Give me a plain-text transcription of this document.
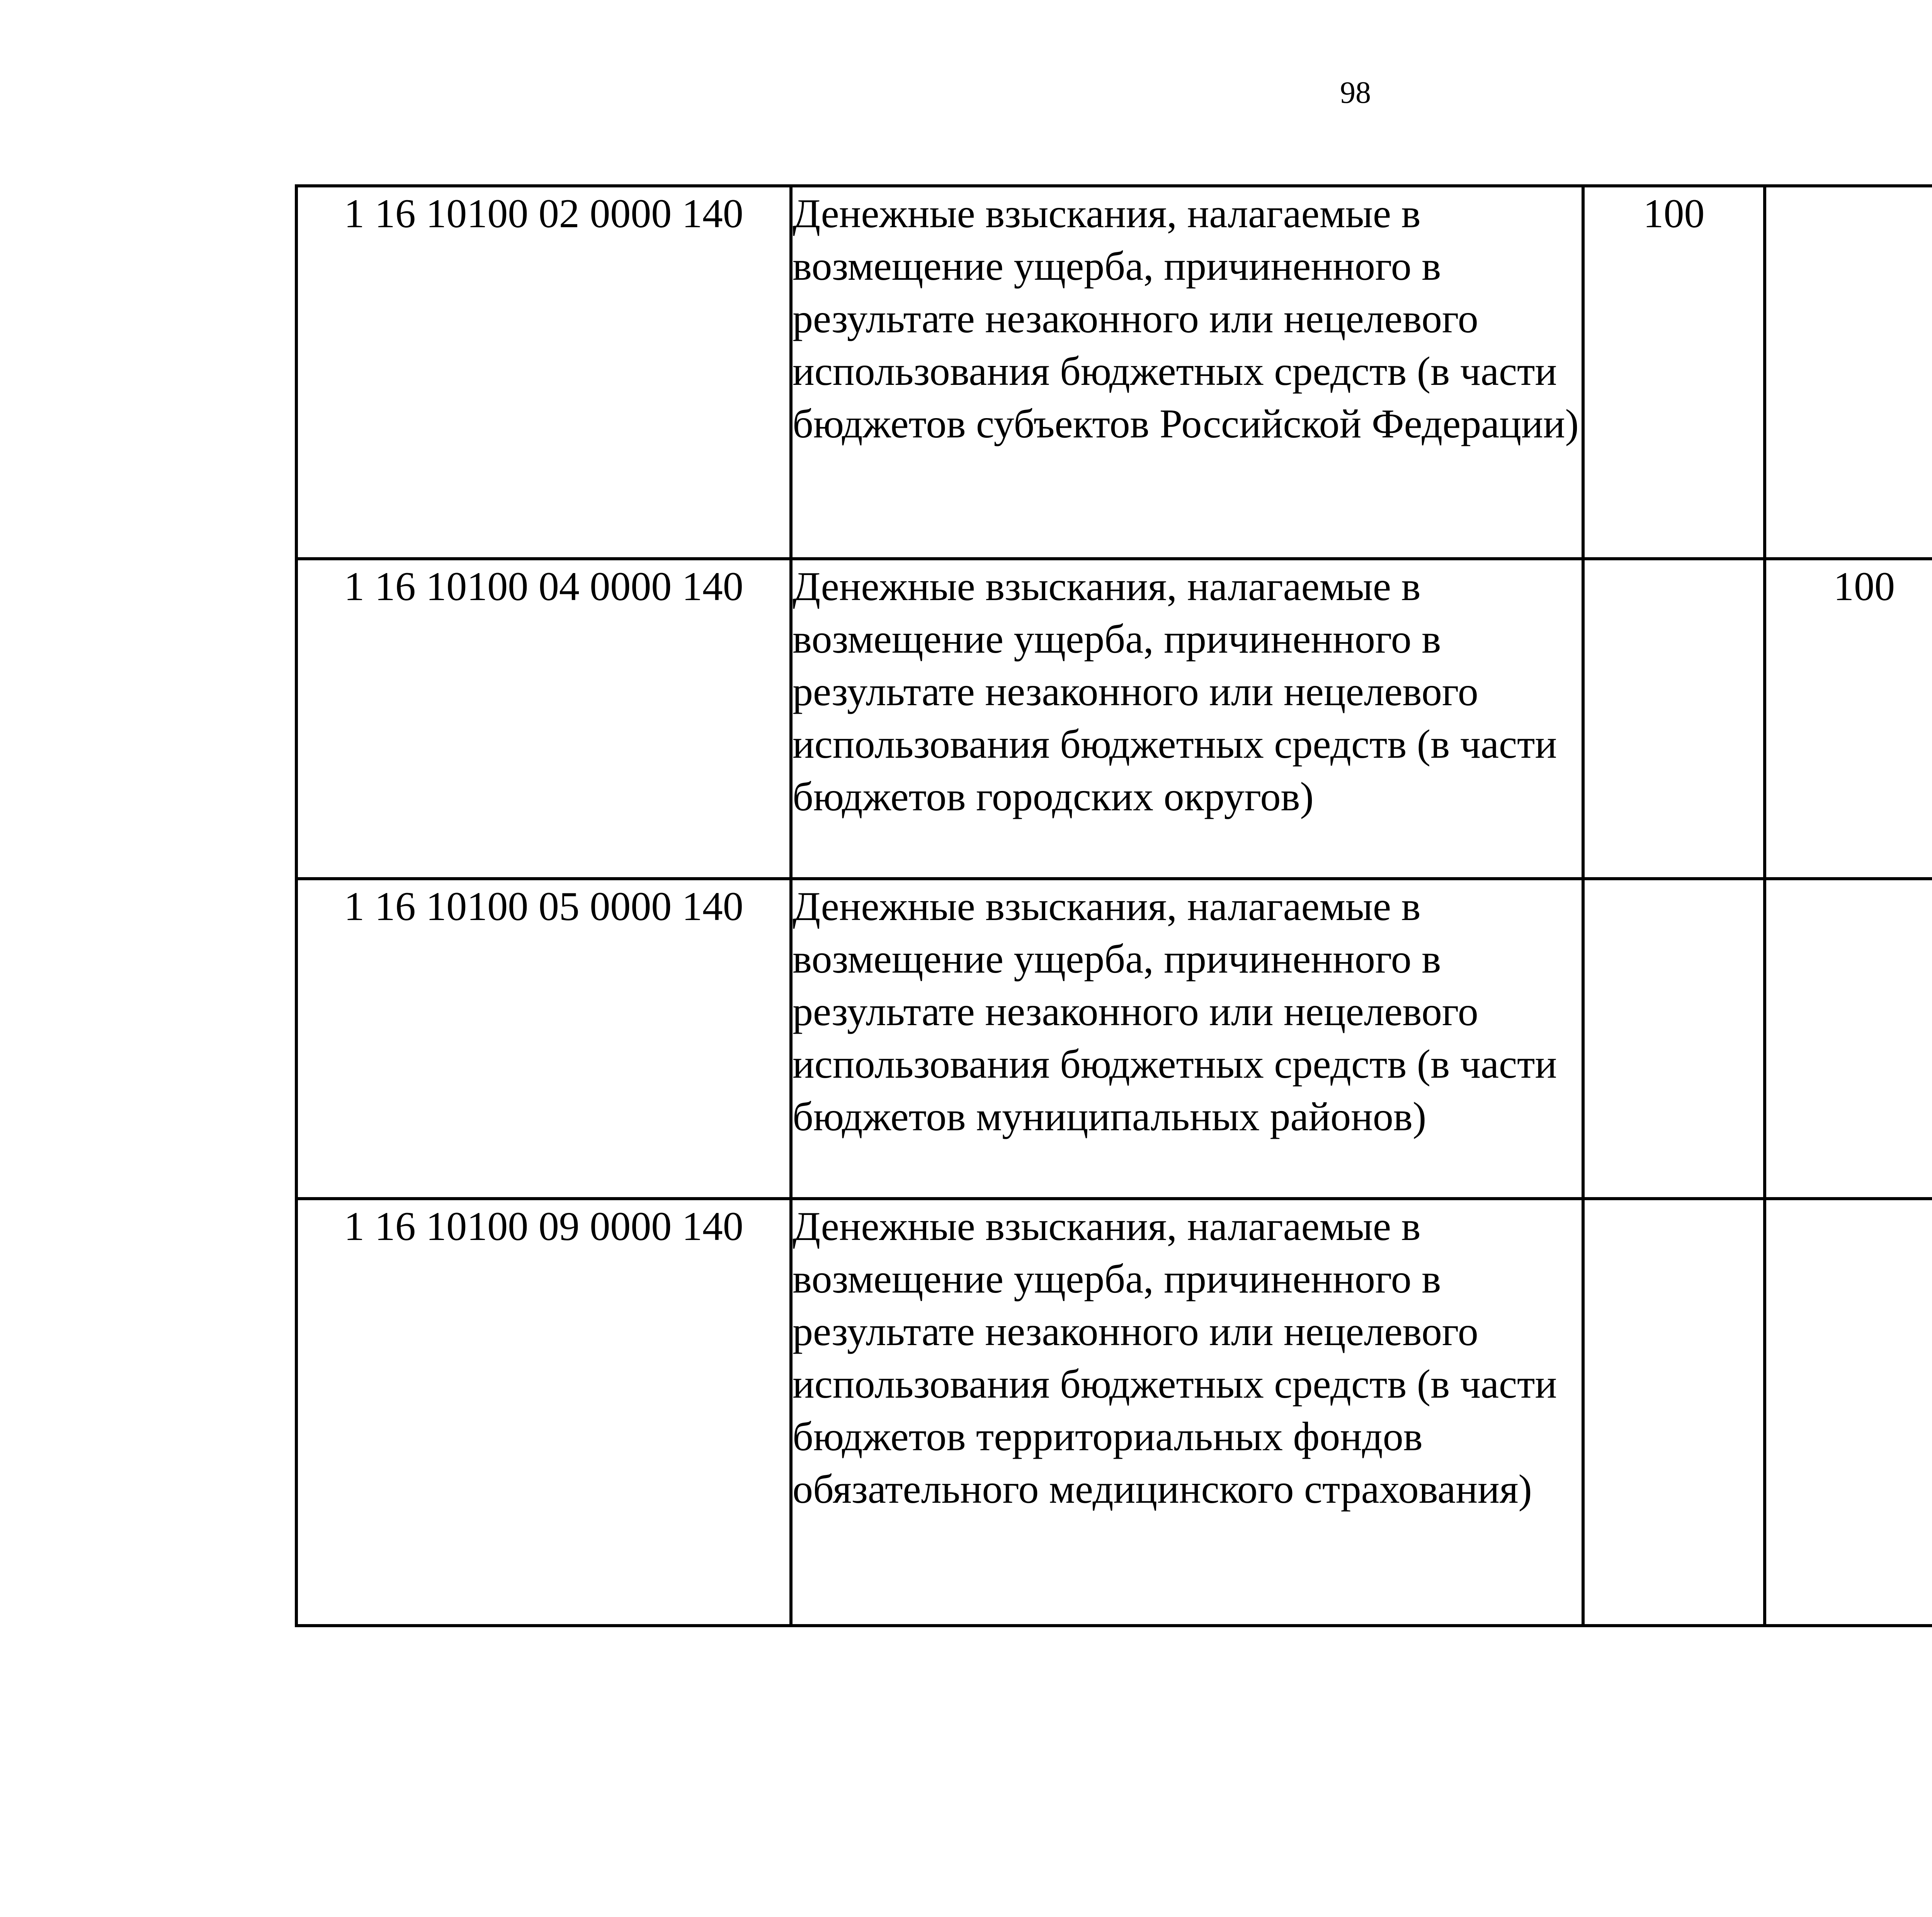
98
1 16 10100 02 0000 140	Денежные взыскания, налагаемые в возмещение ущерба, причиненного в результате незаконного или нецелевого использования бюджетных средств (в части бюджетов субъектов Российской Федерации)	100				
1 16 10100 04 0000 140	Денежные взыскания, налагаемые в возмещение ущерба, причиненного в результате незаконного или нецелевого использования бюджетных средств (в части бюджетов городских округов)		100			
1 16 10100 05 0000 140	Денежные взыскания, налагаемые в возмещение ущерба, причиненного в результате незаконного или нецелевого использования бюджетных средств (в части бюджетов муниципальных районов)					
1 16 10100 09 0000 140	Денежные взыскания, налагаемые в возмещение ущерба, причиненного в результате незаконного или нецелевого использования бюджетных средств (в части бюджетов территориальных фондов обязательного медицинского страхования)					
